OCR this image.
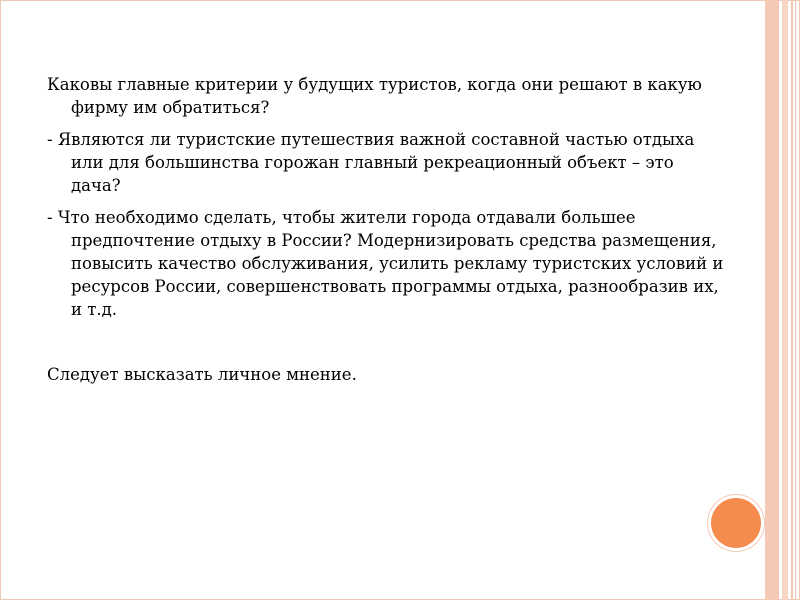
Каковы главные критерии у будущих туристов, когда они решают в какую фирму им обратиться?

- Являются ли туристские путешествия важной составной частью отдыха или для большинства горожан главный рекреационный объект – это дача?

- Что необходимо сделать, чтобы жители города отдавали большее предпочтение отдыху в России? Модернизировать средства размещения, повысить качество обслуживания, усилить рекламу туристских условий и ресурсов России, совершенствовать программы отдыха, разнообразив их, и т.д.

Следует высказать личное мнение.
